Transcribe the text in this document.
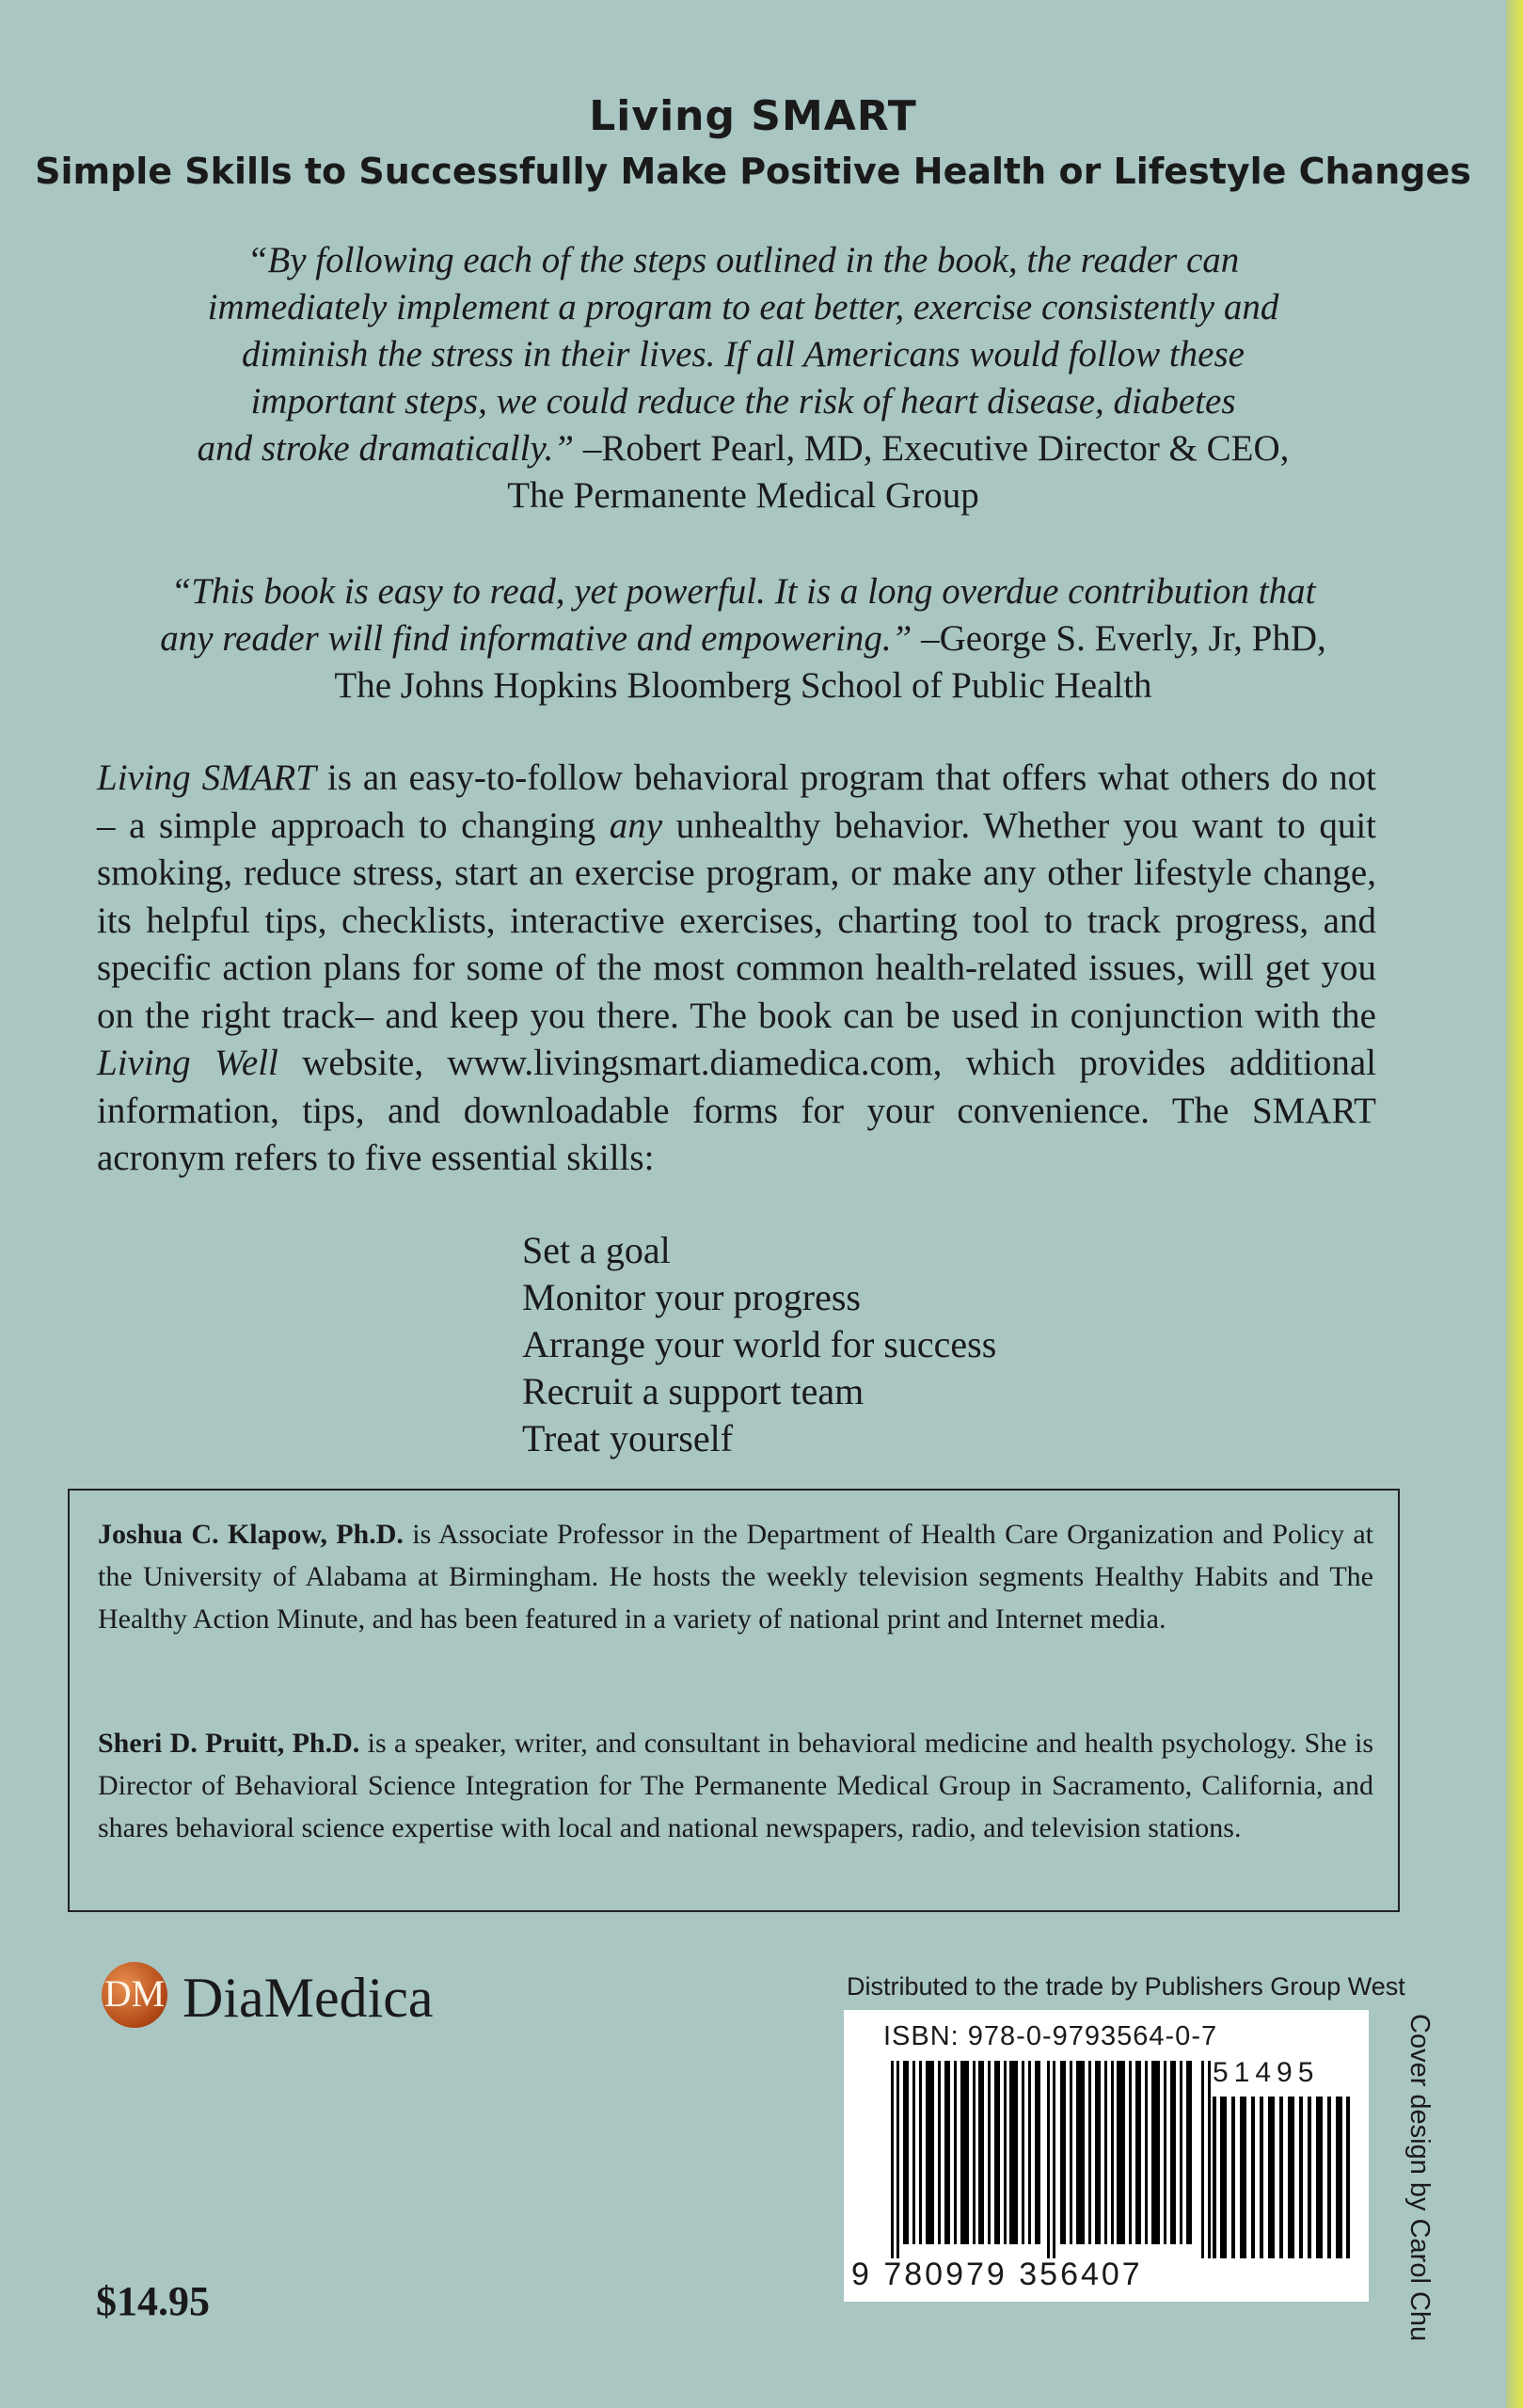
Living SMART
Simple Skills to Successfully Make Positive Health or Lifestyle Changes
“By following each of the steps outlined in the book, the reader can
immediately implement a program to eat better, exercise consistently and
diminish the stress in their lives. If all Americans would follow these
important steps, we could reduce the risk of heart disease, diabetes
and stroke dramatically.” –Robert Pearl, MD, Executive Director & CEO,
The Permanente Medical Group
“This book is easy to read, yet powerful. It is a long overdue contribution that
any reader will find informative and empowering.” –George S. Everly, Jr, PhD,
The Johns Hopkins Bloomberg School of Public Health
Living SMART is an easy-to-follow behavioral program that offers what others do not – a simple approach to changing any unhealthy behavior. Whether you want to quit smoking, reduce stress, start an exercise program, or make any other lifestyle change, its helpful tips, checklists, interactive exercises, charting tool to track progress, and specific action plans for some of the most common health-related issues, will get you on the right track– and keep you there. The book can be used in conjunction with the Living Well website, www.livingsmart.diamedica.com, which provides additional information, tips, and downloadable forms for your convenience. The SMART acronym refers to five essential skills:
Set a goal
Monitor your progress
Arrange your world for success
Recruit a support team
Treat yourself

Joshua C. Klapow, Ph.D. is Associate Professor in the Department of Health Care Organization and Policy at the University of Alabama at Birmingham. He hosts the weekly television segments Healthy Habits and The Healthy Action Minute, and has been featured in a variety of national print and Internet media.

Sheri D. Pruitt, Ph.D. is a speaker, writer, and consultant in behavioral medicine and health psychology. She is Director of Behavioral Science Integration for The Permanente Medical Group in Sacramento, California, and shares behavioral science expertise with local and national newspapers, radio, and television stations.

DM DiaMedica	Distributed to the trade by Publishers Group West
ISBN: 978-0-9793564-0-7
51495
9 780979 356407	Cover design by Carol Chu
$14.95
